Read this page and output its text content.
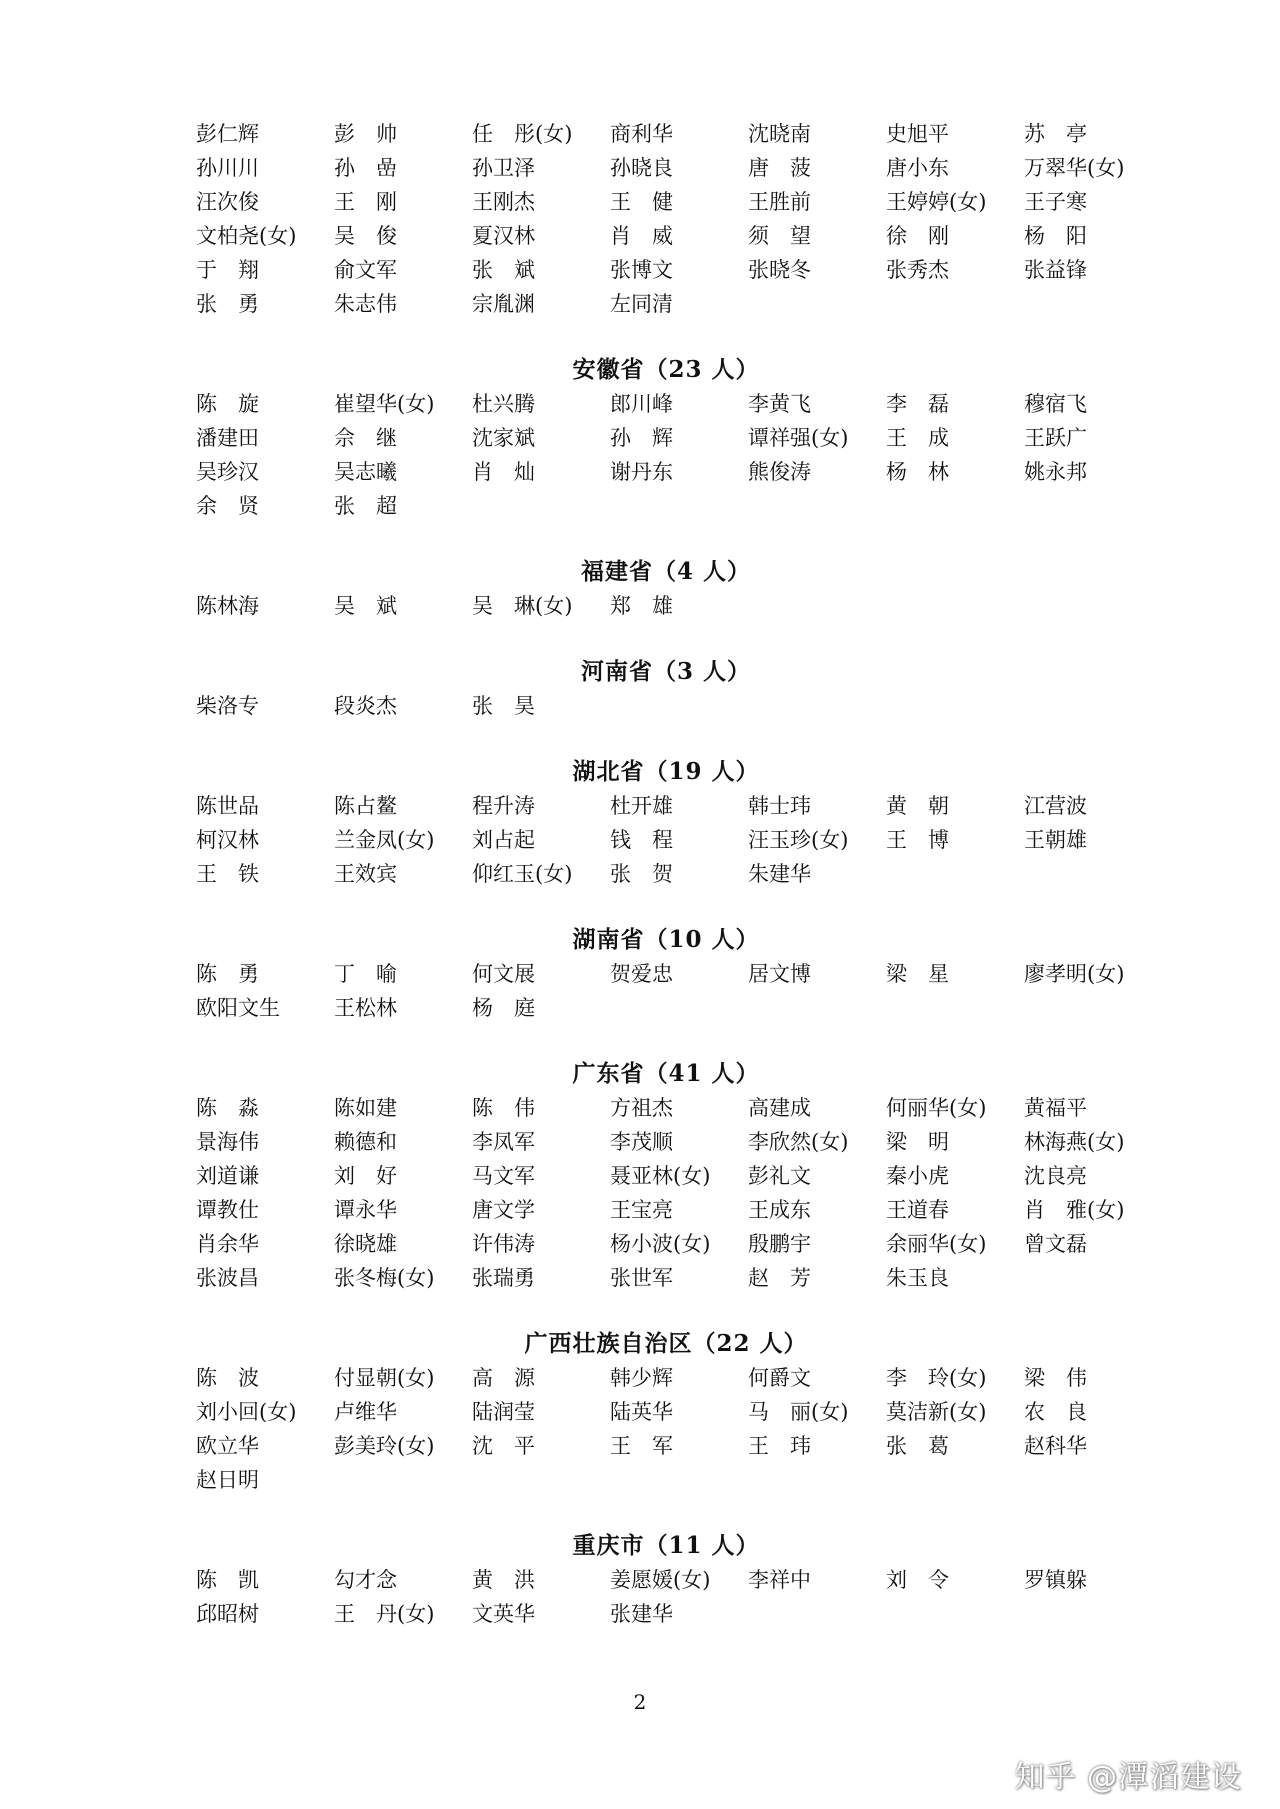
彭仁辉	彭　帅	任　彤(女)	商利华	沈晓南	史旭平	苏　亭
孙川川	孙　嵒	孙卫泽	孙晓良	唐　菠	唐小东	万翠华(女)
汪次俊	王　刚	王刚杰	王　健	王胜前	王婷婷(女)	王子寒
文柏尧(女)	吴　俊	夏汉林	肖　威	须　望	徐　刚	杨　阳
于　翔	俞文军	张　斌	张博文	张晓冬	张秀杰	张益锋
张　勇	朱志伟	宗胤渊	左同清
安徽省（23 人）
陈　旋	崔望华(女)	杜兴腾	郎川峰	李黄飞	李　磊	穆宿飞
潘建田	佘　继	沈家斌	孙　辉	谭祥强(女)	王　成	王跃广
吴珍汉	吴志曦	肖　灿	谢丹东	熊俊涛	杨　林	姚永邦
余　贤	张　超
福建省（4 人）
陈林海	吴　斌	吴　琳(女)	郑　雄
河南省（3 人）
柴洛专	段炎杰	张　昊
湖北省（19 人）
陈世品	陈占鳌	程升涛	杜开雄	韩士玮	黄　朝	江营波
柯汉林	兰金凤(女)	刘占起	钱　程	汪玉珍(女)	王　博	王朝雄
王　铁	王效宾	仰红玉(女)	张　贺	朱建华
湖南省（10 人）
陈　勇	丁　喻	何文展	贺爱忠	居文博	梁　星	廖孝明(女)
欧阳文生	王松林	杨　庭
广东省（41 人）
陈　淼	陈如建	陈　伟	方祖杰	高建成	何丽华(女)	黄福平
景海伟	赖德和	李凤军	李茂顺	李欣然(女)	梁　明	林海燕(女)
刘道谦	刘　好	马文军	聂亚林(女)	彭礼文	秦小虎	沈良亮
谭教仕	谭永华	唐文学	王宝亮	王成东	王道春	肖　雅(女)
肖余华	徐晓雄	许伟涛	杨小波(女)	殷鹏宇	余丽华(女)	曾文磊
张波昌	张冬梅(女)	张瑞勇	张世军	赵　芳	朱玉良
广西壮族自治区（22 人）
陈　波	付显朝(女)	高　源	韩少辉	何爵文	李　玲(女)	梁　伟
刘小回(女)	卢维华	陆润莹	陆英华	马　丽(女)	莫洁新(女)	农　良
欧立华	彭美玲(女)	沈　平	王　军	王　玮	张　葛	赵科华
赵日明
重庆市（11 人）
陈　凯	勾才念	黄　洪	姜愿媛(女)	李祥中	刘　令	罗镇躲
邱昭树	王　丹(女)	文英华	张建华
2
知乎 @潭滔建设
